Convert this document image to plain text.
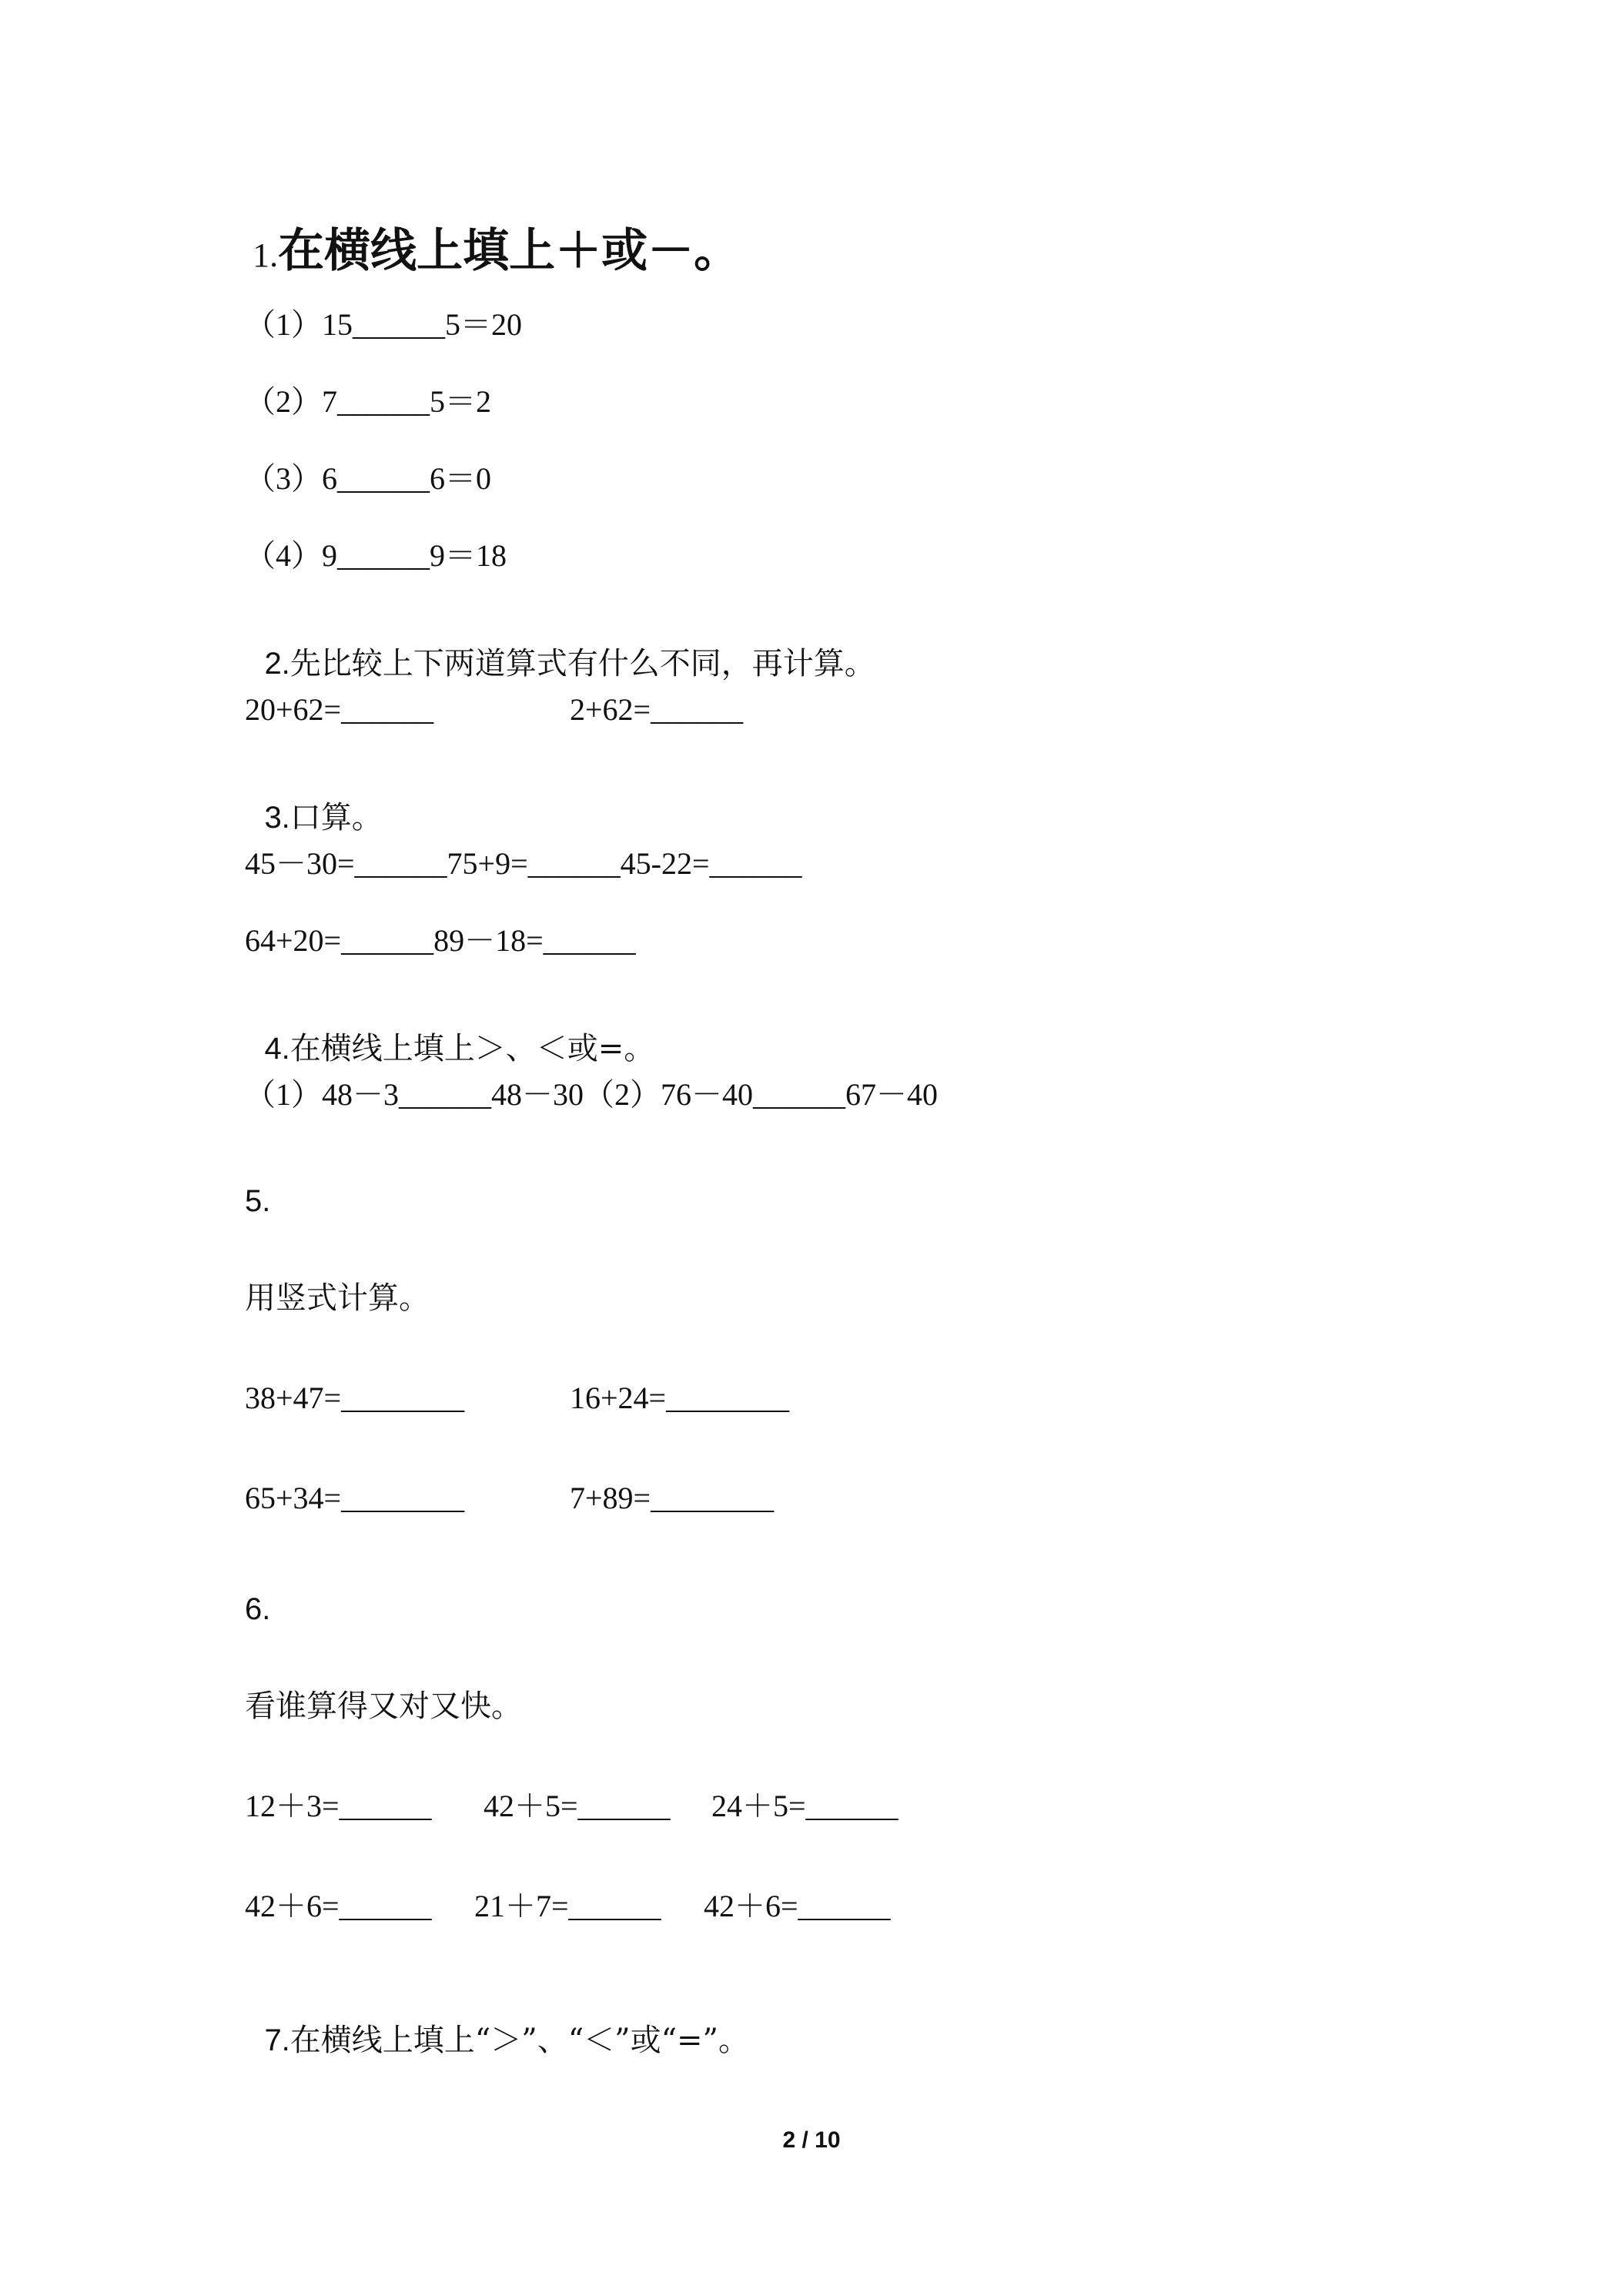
1.在横线上填上＋或－。

（1）15______5＝20
（2）7______5＝2
（3）6______6＝0
（4）9______9＝18

2.先比较上下两道算式有什么不同，再计算。

20+62=______	2+62=______

3.口算。

45－30=______75+9=______45-22=______
64+20=______89－18=______

4.在横线上填上＞、＜或=。

（1）48－3______48－30（2）76－40______67－40
5.
用竖式计算。
38+47=________	16+24=________
65+34=________	7+89=________
6.
看谁算得又对又快。
12＋3=______ 42＋5=______ 24＋5=______
42＋6=______ 21＋7=______ 42＋6=______

7.在横线上填上“＞”、“＜”或“=”。

2 / 10
